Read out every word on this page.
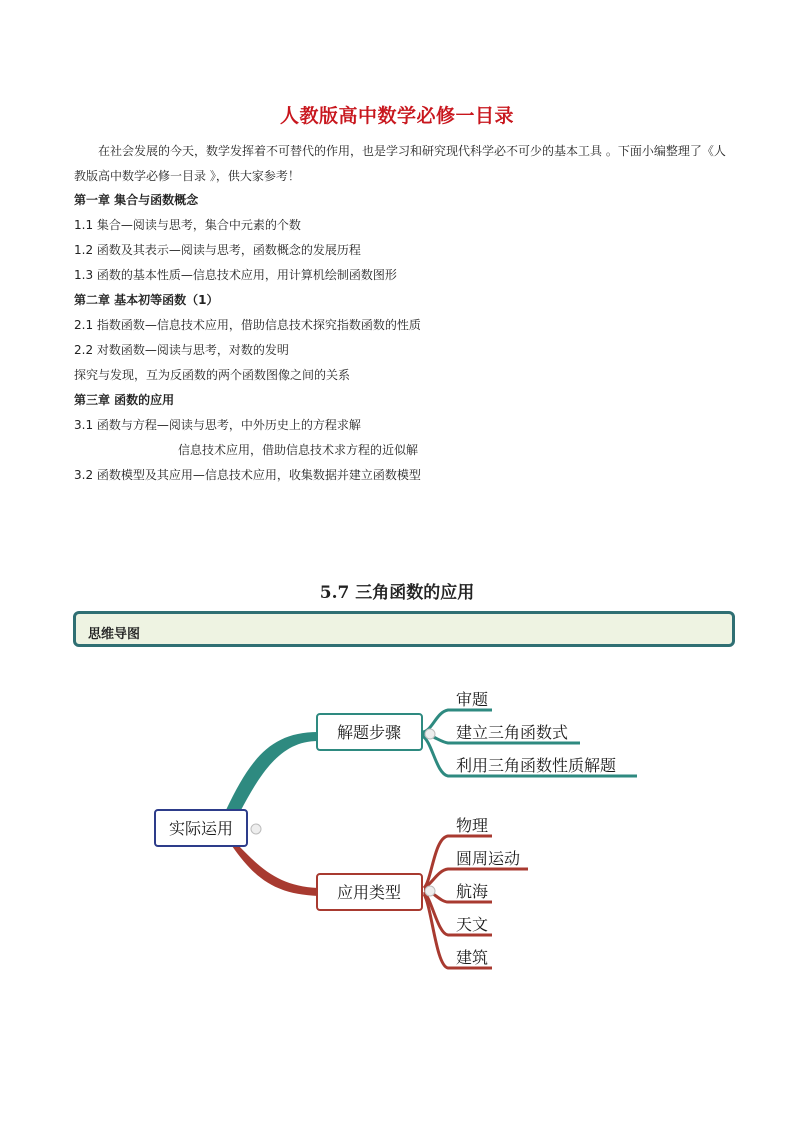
人教版高中数学必修一目录
在社会发展的今天，数学发挥着不可替代的作用，也是学习和研究现代科学必不可少的基本工具 。下面小编整理了《人教版高中数学必修一目录 》，供大家参考！
第一章 集合与函数概念
1.1 集合—阅读与思考，集合中元素的个数
1.2 函数及其表示—阅读与思考，函数概念的发展历程
1.3 函数的基本性质—信息技术应用，用计算机绘制函数图形
第二章 基本初等函数（1）
2.1 指数函数—信息技术应用，借助信息技术探究指数函数的性质
2.2 对数函数—阅读与思考，对数的发明
探究与发现，互为反函数的两个函数图像之间的关系
第三章 函数的应用
3.1 函数与方程—阅读与思考，中外历史上的方程求解
信息技术应用，借助信息技术求方程的近似解
3.2 函数模型及其应用—信息技术应用，收集数据并建立函数模型
5.7 三角函数的应用
思维导图
实际运用
解题步骤
应用类型
审题
建立三角函数式
利用三角函数性质解题
物理
圆周运动
航海
天文
建筑
